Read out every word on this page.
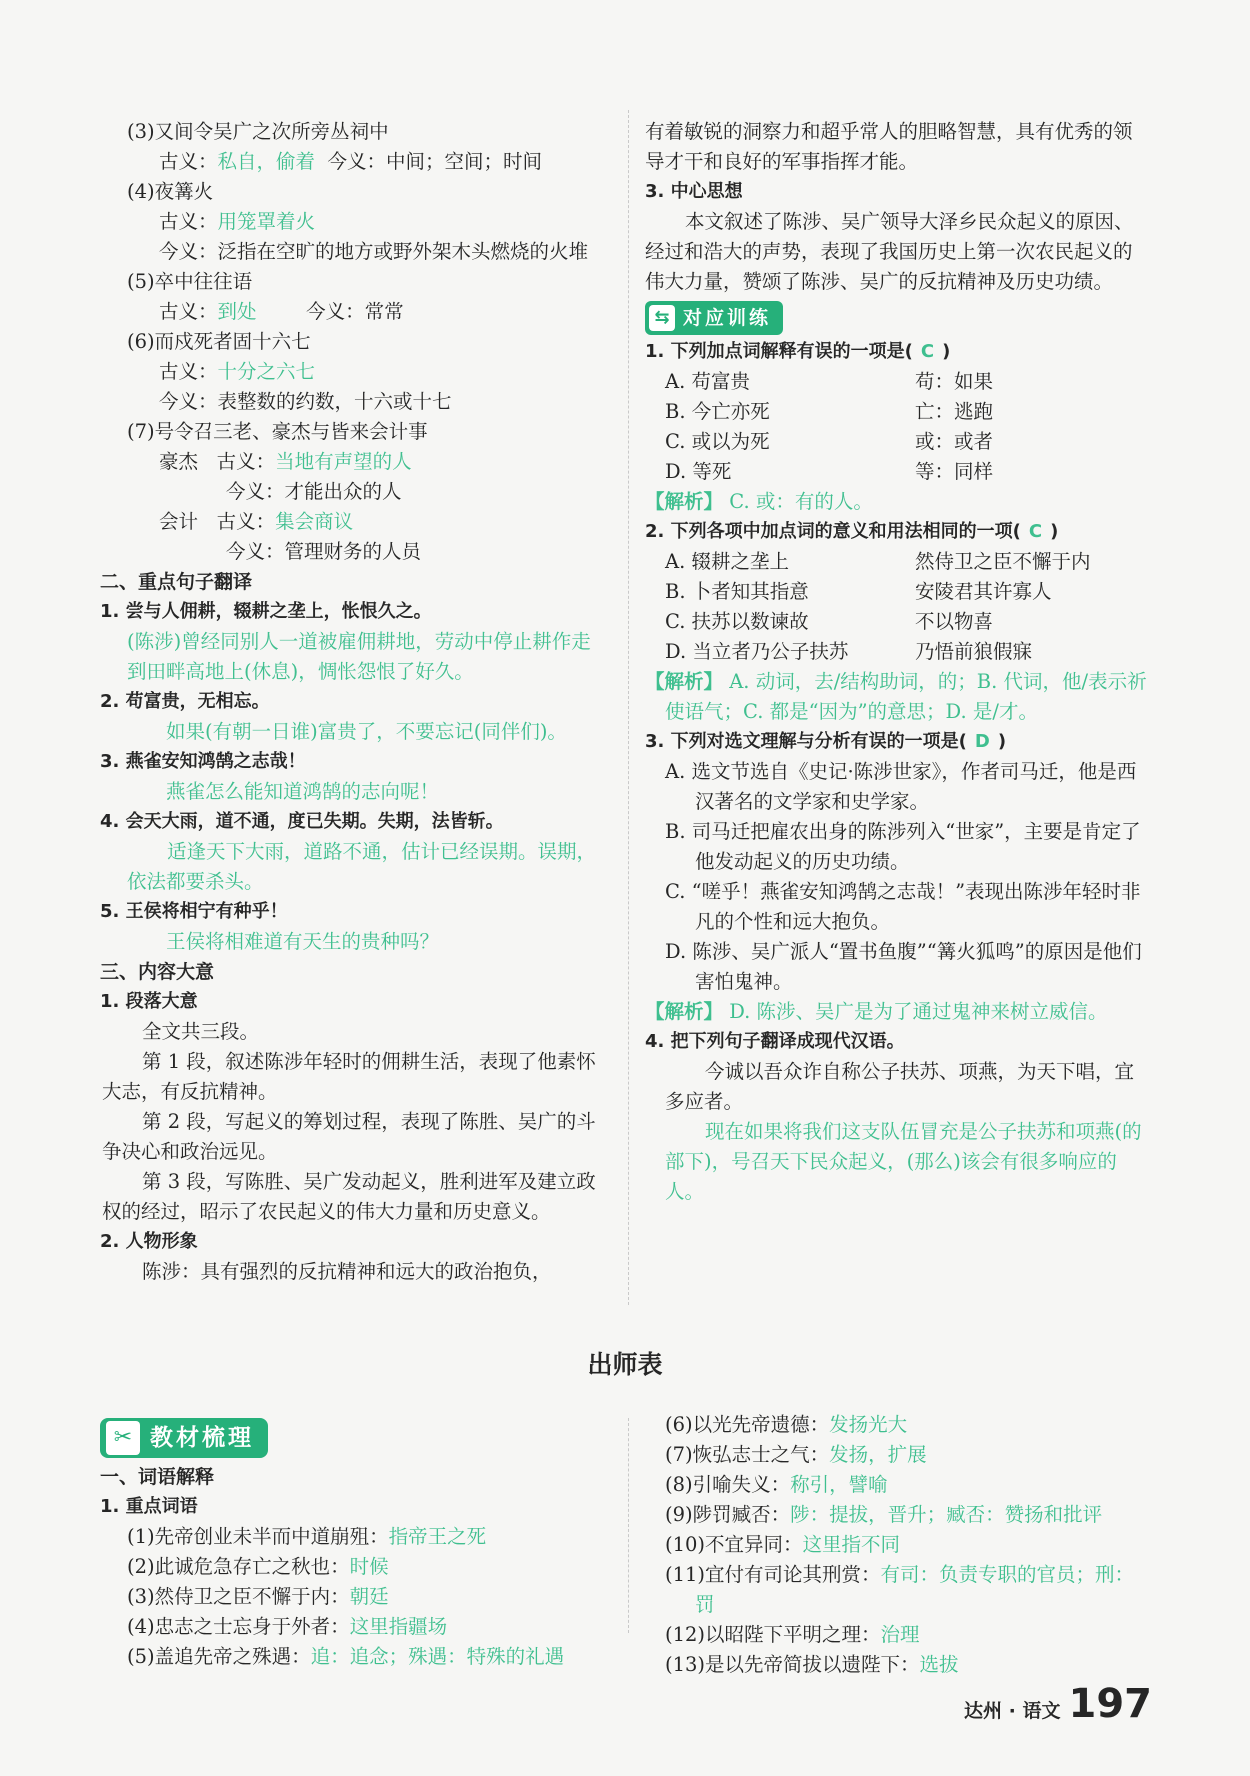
(3)又间令吴广之次所旁丛祠中
古义：私自，偷着 今义：中间；空间；时间
(4)夜篝火
古义：用笼罩着火
今义：泛指在空旷的地方或野外架木头燃烧的火堆
(5)卒中往往语
古义：到处	今义：常常
(6)而戍死者固十六七
古义：十分之六七
今义：表整数的约数，十六或十七
(7)号令召三老、豪杰与皆来会计事
豪杰 古义：当地有声望的人
今义：才能出众的人
会计 古义：集会商议
今义：管理财务的人员
二、重点句子翻译
1. 尝与人佣耕，辍耕之垄上，怅恨久之。
(陈涉)曾经同别人一道被雇佣耕地，劳动中停止耕作走到田畔高地上(休息)，惆怅怨恨了好久。
2. 苟富贵，无相忘。
如果(有朝一日谁)富贵了，不要忘记(同伴们)。
3. 燕雀安知鸿鹄之志哉！
燕雀怎么能知道鸿鹄的志向呢！
4. 会天大雨，道不通，度已失期。失期，法皆斩。
适逢天下大雨，道路不通，估计已经误期。误期，依法都要杀头。
5. 王侯将相宁有种乎！
王侯将相难道有天生的贵种吗？
三、内容大意
1. 段落大意
全文共三段。
第 1 段，叙述陈涉年轻时的佣耕生活，表现了他素怀大志，有反抗精神。
第 2 段，写起义的筹划过程，表现了陈胜、吴广的斗争决心和政治远见。
第 3 段，写陈胜、吴广发动起义，胜利进军及建立政权的经过，昭示了农民起义的伟大力量和历史意义。
2. 人物形象
陈涉：具有强烈的反抗精神和远大的政治抱负，
有着敏锐的洞察力和超乎常人的胆略智慧，具有优秀的领导才干和良好的军事指挥才能。
3. 中心思想
本文叙述了陈涉、吴广领导大泽乡民众起义的原因、经过和浩大的声势，表现了我国历史上第一次农民起义的伟大力量，赞颂了陈涉、吴广的反抗精神及历史功绩。
⇆ 对应训练
1. 下列加点词解释有误的一项是( C )
A. 苟富贵	苟：如果
B. 今亡亦死	亡：逃跑
C. 或以为死	或：或者
D. 等死	等：同样
【解析】 C. 或：有的人。
2. 下列各项中加点词的意义和用法相同的一项( C )
A. 辍耕之垄上	然侍卫之臣不懈于内
B. 卜者知其指意	安陵君其许寡人
C. 扶苏以数谏故	不以物喜
D. 当立者乃公子扶苏	乃悟前狼假寐
【解析】 A. 动词，去/结构助词，的；B. 代词，他/表示祈使语气；C. 都是“因为”的意思；D. 是/才。
3. 下列对选文理解与分析有误的一项是( D )
A. 选文节选自《史记·陈涉世家》，作者司马迁，他是西汉著名的文学家和史学家。
B. 司马迁把雇农出身的陈涉列入“世家”，主要是肯定了他发动起义的历史功绩。
C. “嗟乎！燕雀安知鸿鹄之志哉！”表现出陈涉年轻时非凡的个性和远大抱负。
D. 陈涉、吴广派人“置书鱼腹”“篝火狐鸣”的原因是他们害怕鬼神。
【解析】 D. 陈涉、吴广是为了通过鬼神来树立威信。
4. 把下列句子翻译成现代汉语。
今诚以吾众诈自称公子扶苏、项燕，为天下唱，宜多应者。
现在如果将我们这支队伍冒充是公子扶苏和项燕(的部下)，号召天下民众起义，(那么)该会有很多响应的人。
出师表
✂ 教材梳理
一、词语解释
1. 重点词语
(1)先帝创业未半而中道崩殂：指帝王之死
(2)此诚危急存亡之秋也：时候
(3)然侍卫之臣不懈于内：朝廷
(4)忠志之士忘身于外者：这里指疆场
(5)盖追先帝之殊遇：追：追念；殊遇：特殊的礼遇
(6)以光先帝遗德：发扬光大
(7)恢弘志士之气：发扬，扩展
(8)引喻失义：称引，譬喻
(9)陟罚臧否：陟：提拔，晋升；臧否：赞扬和批评
(10)不宜异同：这里指不同
(11)宜付有司论其刑赏：有司：负责专职的官员；刑：罚
(12)以昭陛下平明之理：治理
(13)是以先帝简拔以遗陛下：选拔
达州 · 语文 197
